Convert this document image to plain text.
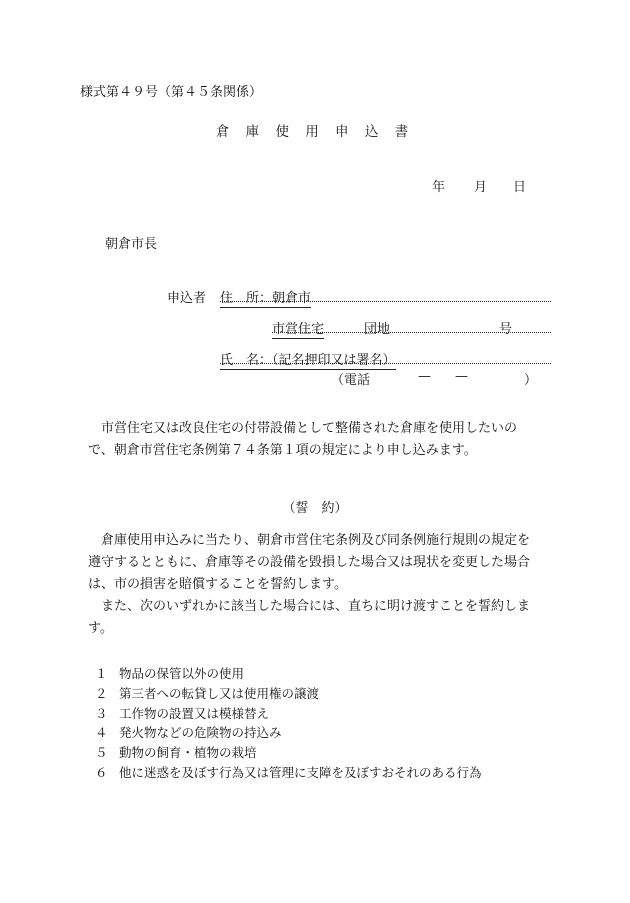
様式第４９号（第４５条関係）
倉 庫 使 用 申 込 書
年 月 日
朝倉市長
申込者 住　所：朝倉市
市営住宅	団地	号
氏　名：（記名押印又は署名）
（電話	— —	）
　市営住宅又は改良住宅の付帯設備として整備された倉庫を使用したいの
で、朝倉市営住宅条例第７４条第１項の規定により申し込みます。
（誓　約）
　倉庫使用申込みに当たり、朝倉市営住宅条例及び同条例施行規則の規定を
遵守するとともに、倉庫等その設備を毀損した場合又は現状を変更した場合
は、市の損害を賠償することを誓約します。
　また、次のいずれかに該当した場合には、直ちに明け渡すことを誓約しま
す。
１ 物品の保管以外の使用
２ 第三者への転貸し又は使用権の譲渡
３ 工作物の設置又は模様替え
４ 発火物などの危険物の持込み
５ 動物の飼育・植物の栽培
６ 他に迷惑を及ぼす行為又は管理に支障を及ぼすおそれのある行為
